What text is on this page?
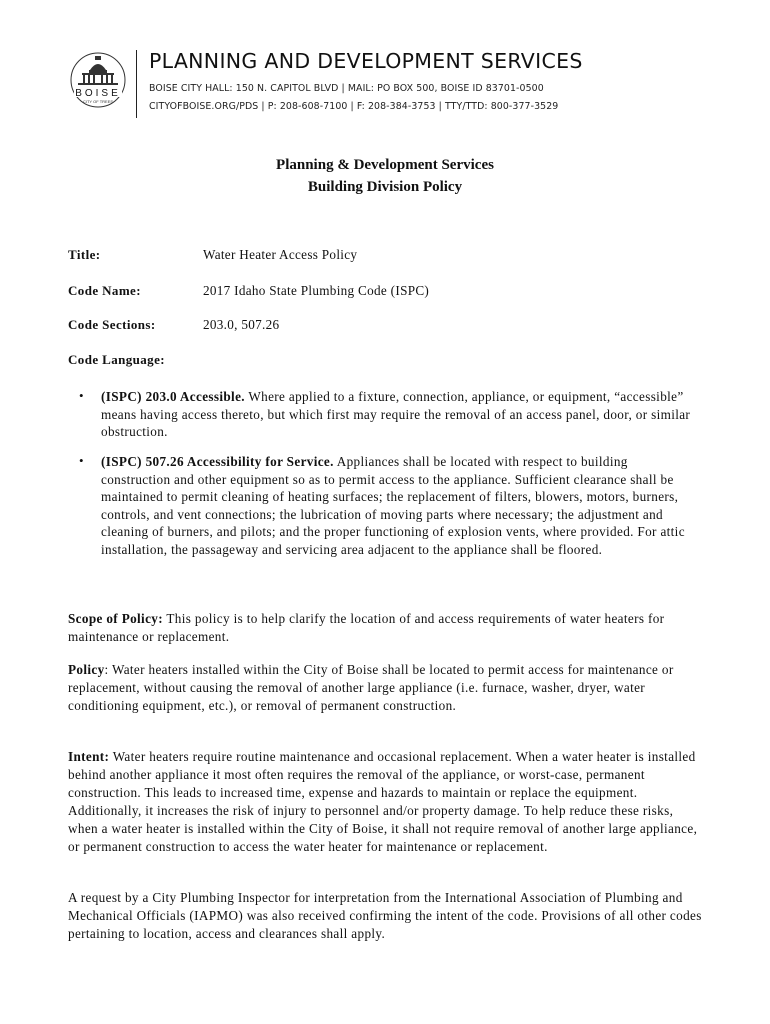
BOISE
CITY OF TREES
PLANNING AND DEVELOPMENT SERVICES
BOISE CITY HALL: 150 N. CAPITOL BLVD | MAIL: PO BOX 500, BOISE ID 83701-0500
CITYOFBOISE.ORG/PDS | P: 208-608-7100 | F: 208-384-3753 | TTY/TTD: 800-377-3529
Planning & Development Services
Building Division Policy
Title:	Water Heater Access Policy
Code Name:	2017 Idaho State Plumbing Code (ISPC)
Code Sections:	203.0, 507.26
Code Language:
• (ISPC) 203.0 Accessible. Where applied to a fixture, connection, appliance, or equipment, “accessible” means having access thereto, but which first may require the removal of an access panel, door, or similar obstruction.
• (ISPC) 507.26 Accessibility for Service. Appliances shall be located with respect to building construction and other equipment so as to permit access to the appliance. Sufficient clearance shall be maintained to permit cleaning of heating surfaces; the replacement of filters, blowers, motors, burners, controls, and vent connections; the lubrication of moving parts where necessary; the adjustment and cleaning of burners, and pilots; and the proper functioning of explosion vents, where provided. For attic installation, the passageway and servicing area adjacent to the appliance shall be floored.
Scope of Policy: This policy is to help clarify the location of and access requirements of water heaters for maintenance or replacement.
Policy: Water heaters installed within the City of Boise shall be located to permit access for maintenance or replacement, without causing the removal of another large appliance (i.e. furnace, washer, dryer, water conditioning equipment, etc.), or removal of permanent construction.
Intent: Water heaters require routine maintenance and occasional replacement. When a water heater is installed behind another appliance it most often requires the removal of the appliance, or worst-case, permanent construction. This leads to increased time, expense and hazards to maintain or replace the equipment. Additionally, it increases the risk of injury to personnel and/or property damage. To help reduce these risks, when a water heater is installed within the City of Boise, it shall not require removal of another large appliance, or permanent construction to access the water heater for maintenance or replacement.
A request by a City Plumbing Inspector for interpretation from the International Association of Plumbing and Mechanical Officials (IAPMO) was also received confirming the intent of the code. Provisions of all other codes pertaining to location, access and clearances shall apply.
